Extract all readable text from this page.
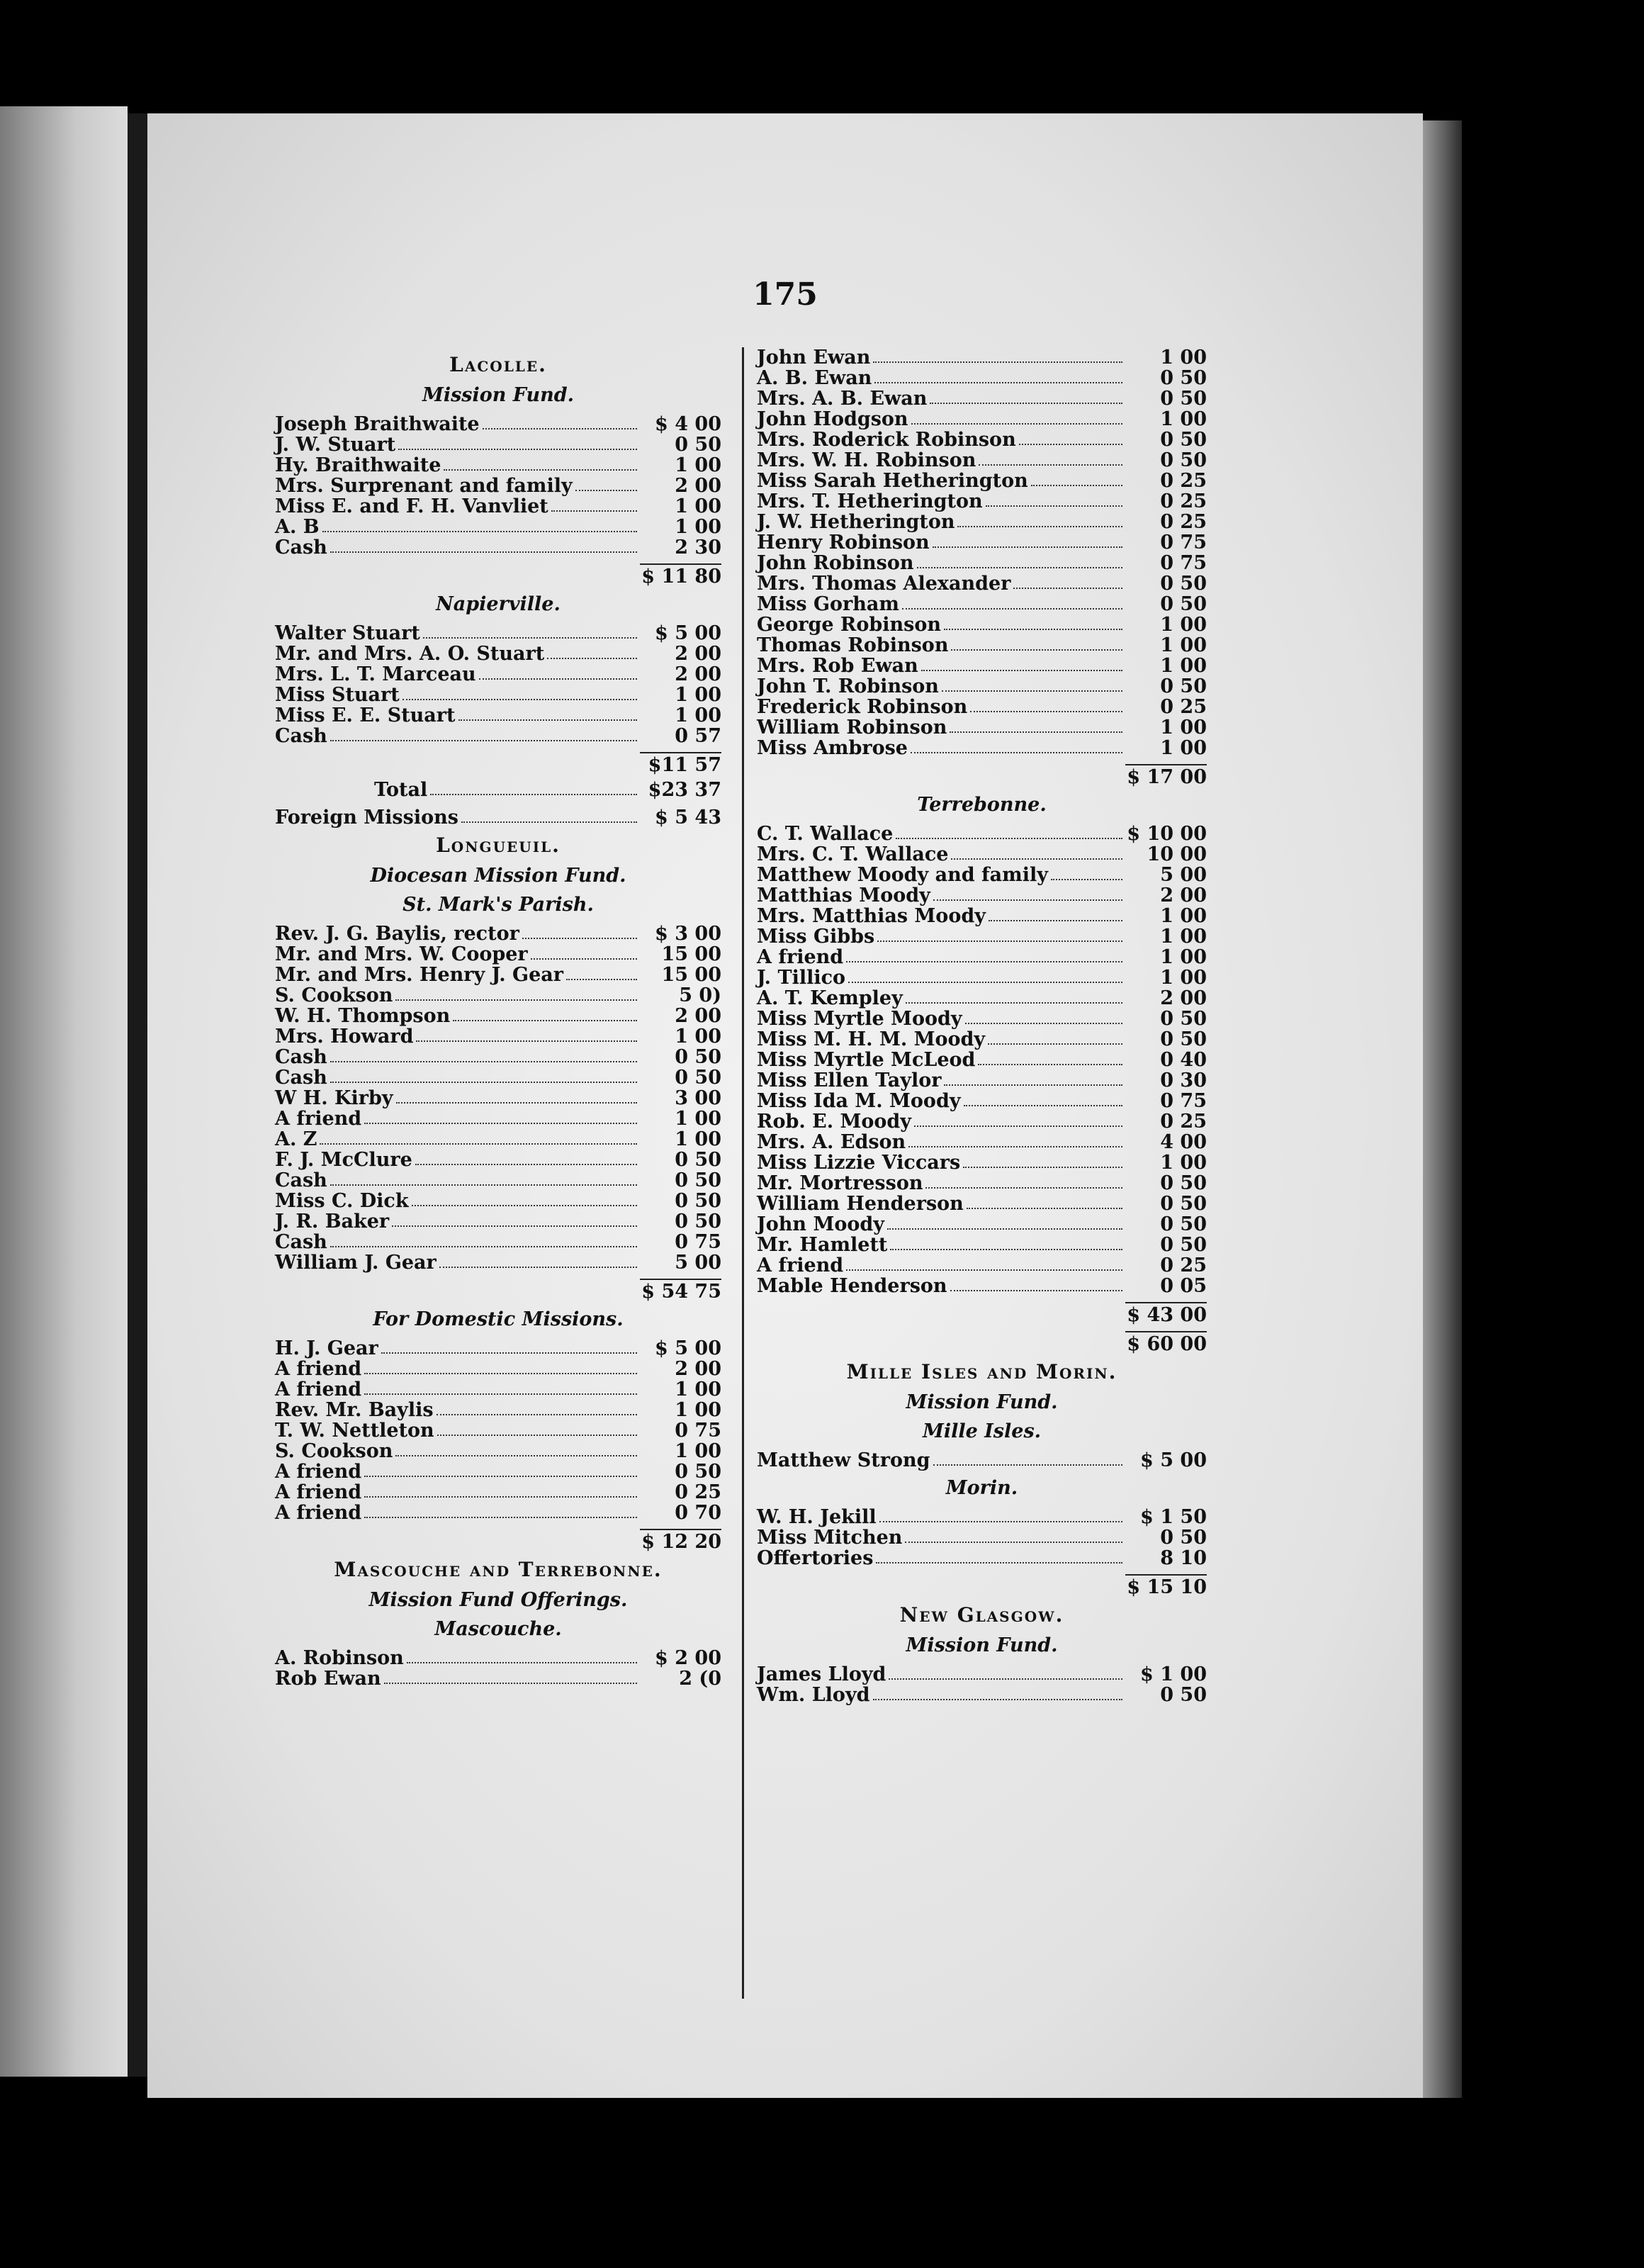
175
Lacolle.
Mission Fund.
Joseph Braithwaite	$ 4 00
J. W. Stuart	0 50
Hy. Braithwaite	1 00
Mrs. Surprenant and family	2 00
Miss E. and F. H. Vanvliet	1 00
A. B	1 00
Cash	2 30
$ 11 80
Napierville.
Walter Stuart	$ 5 00
Mr. and Mrs. A. O. Stuart	2 00
Mrs. L. T. Marceau	2 00
Miss Stuart	1 00
Miss E. E. Stuart	1 00
Cash	0 57
$11 57
Total	$23 37
Foreign Missions	$ 5 43
Longueuil.
Diocesan Mission Fund.
St. Mark's Parish.
Rev. J. G. Baylis, rector	$ 3 00
Mr. and Mrs. W. Cooper	15 00
Mr. and Mrs. Henry J. Gear	15 00
S. Cookson	5 0)
W. H. Thompson	2 00
Mrs. Howard	1 00
Cash	0 50
Cash	0 50
W H. Kirby	3 00
A friend	1 00
A. Z	1 00
F. J. McClure	0 50
Cash	0 50
Miss C. Dick	0 50
J. R. Baker	0 50
Cash	0 75
William J. Gear	5 00
$ 54 75
For Domestic Missions.
H. J. Gear	$ 5 00
A friend	2 00
A friend	1 00
Rev. Mr. Baylis	1 00
T. W. Nettleton	0 75
S. Cookson	1 00
A friend	0 50
A friend	0 25
A friend	0 70
$ 12 20
Mascouche and Terrebonne.
Mission Fund Offerings.
Mascouche.
A. Robinson	$ 2 00
Rob Ewan	2 (0
John Ewan	1 00
A. B. Ewan	0 50
Mrs. A. B. Ewan	0 50
John Hodgson	1 00
Mrs. Roderick Robinson	0 50
Mrs. W. H. Robinson	0 50
Miss Sarah Hetherington	0 25
Mrs. T. Hetherington	0 25
J. W. Hetherington	0 25
Henry Robinson	0 75
John Robinson	0 75
Mrs. Thomas Alexander	0 50
Miss Gorham	0 50
George Robinson	1 00
Thomas Robinson	1 00
Mrs. Rob Ewan	1 00
John T. Robinson	0 50
Frederick Robinson	0 25
William Robinson	1 00
Miss Ambrose	1 00
$ 17 00
Terrebonne.
C. T. Wallace	$ 10 00
Mrs. C. T. Wallace	10 00
Matthew Moody and family	5 00
Matthias Moody	2 00
Mrs. Matthias Moody	1 00
Miss Gibbs	1 00
A friend	1 00
J. Tillico	1 00
A. T. Kempley	2 00
Miss Myrtle Moody	0 50
Miss M. H. M. Moody	0 50
Miss Myrtle McLeod	0 40
Miss Ellen Taylor	0 30
Miss Ida M. Moody	0 75
Rob. E. Moody	0 25
Mrs. A. Edson	4 00
Miss Lizzie Viccars	1 00
Mr. Mortresson	0 50
William Henderson	0 50
John Moody	0 50
Mr. Hamlett	0 50
A friend	0 25
Mable Henderson	0 05
$ 43 00
$ 60 00
Mille Isles and Morin.
Mission Fund.
Mille Isles.
Matthew Strong	$ 5 00
Morin.
W. H. Jekill	$ 1 50
Miss Mitchen	0 50
Offertories	8 10
$ 15 10
New Glasgow.
Mission Fund.
James Lloyd	$ 1 00
Wm. Lloyd	0 50
